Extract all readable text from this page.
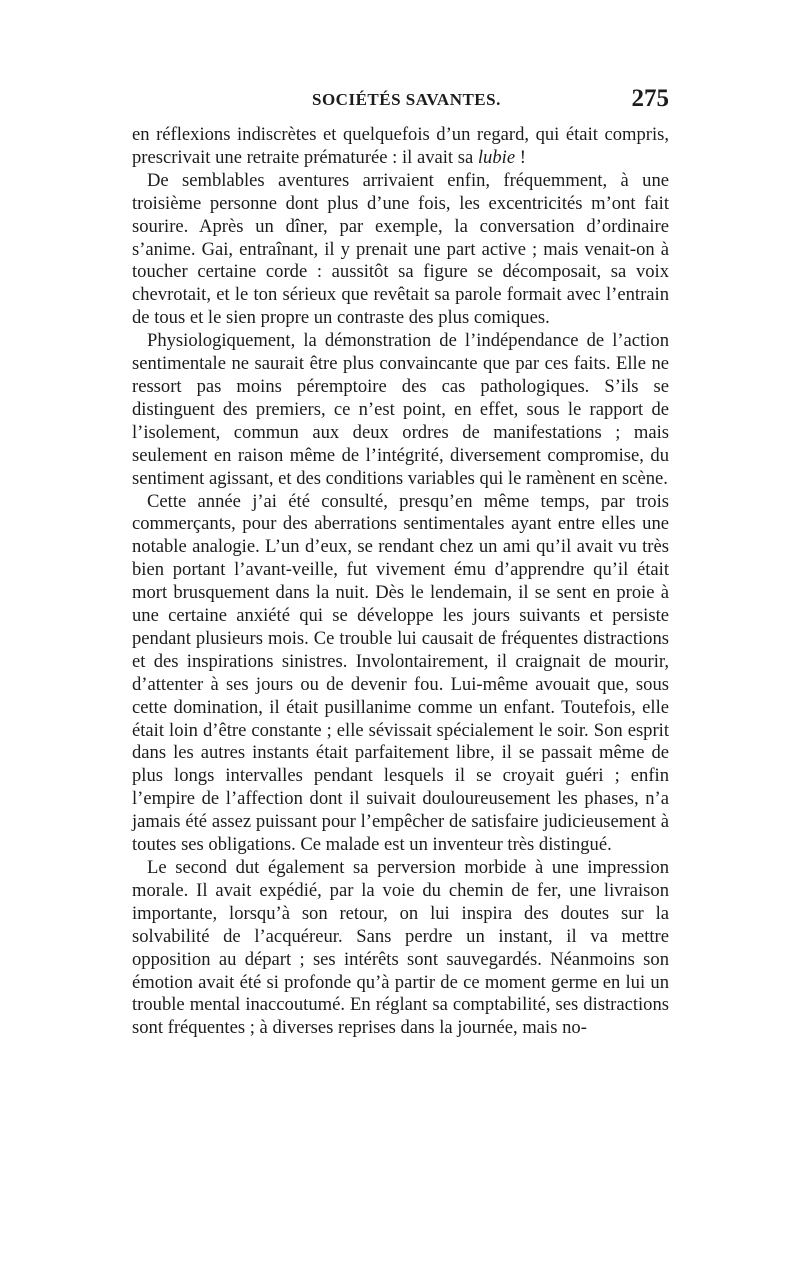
SOCIÉTÉS SAVANTES.	275

en réflexions indiscrètes et quelquefois d’un regard, qui était compris, prescrivait une retraite prématurée : il avait sa lubie !

De semblables aventures arrivaient enfin, fréquemment, à une troisième personne dont plus d’une fois, les excentricités m’ont fait sourire. Après un dîner, par exemple, la conversation d’ordinaire s’anime. Gai, entraînant, il y prenait une part active ; mais venait-on à toucher certaine corde : aussitôt sa figure se décomposait, sa voix chevrotait, et le ton sérieux que revêtait sa parole formait avec l’entrain de tous et le sien propre un contraste des plus comiques.

Physiologiquement, la démonstration de l’indépendance de l’action sentimentale ne saurait être plus convaincante que par ces faits. Elle ne ressort pas moins péremptoire des cas pathologiques. S’ils se distinguent des premiers, ce n’est point, en effet, sous le rapport de l’isolement, commun aux deux ordres de manifestations ; mais seulement en raison même de l’intégrité, diversement compromise, du sentiment agissant, et des conditions variables qui le ramènent en scène.

Cette année j’ai été consulté, presqu’en même temps, par trois commerçants, pour des aberrations sentimentales ayant entre elles une notable analogie. L’un d’eux, se rendant chez un ami qu’il avait vu très bien portant l’avant-veille, fut vivement ému d’apprendre qu’il était mort brusquement dans la nuit. Dès le lendemain, il se sent en proie à une certaine anxiété qui se développe les jours suivants et persiste pendant plusieurs mois. Ce trouble lui causait de fréquentes distractions et des inspirations sinistres. Involontairement, il craignait de mourir, d’attenter à ses jours ou de devenir fou. Lui-même avouait que, sous cette domination, il était pusillanime comme un enfant. Toutefois, elle était loin d’être constante ; elle sévissait spécialement le soir. Son esprit dans les autres instants était parfaitement libre, il se passait même de plus longs intervalles pendant lesquels il se croyait guéri ; enfin l’empire de l’affection dont il suivait douloureusement les phases, n’a jamais été assez puissant pour l’empêcher de satisfaire judicieusement à toutes ses obligations. Ce malade est un inventeur très distingué.

Le second dut également sa perversion morbide à une impression morale. Il avait expédié, par la voie du chemin de fer, une livraison importante, lorsqu’à son retour, on lui inspira des doutes sur la solvabilité de l’acquéreur. Sans perdre un instant, il va mettre opposition au départ ; ses intérêts sont sauvegardés. Néanmoins son émotion avait été si profonde qu’à partir de ce moment germe en lui un trouble mental inaccoutumé. En réglant sa comptabilité, ses distractions sont fréquentes ; à diverses reprises dans la journée, mais no-
